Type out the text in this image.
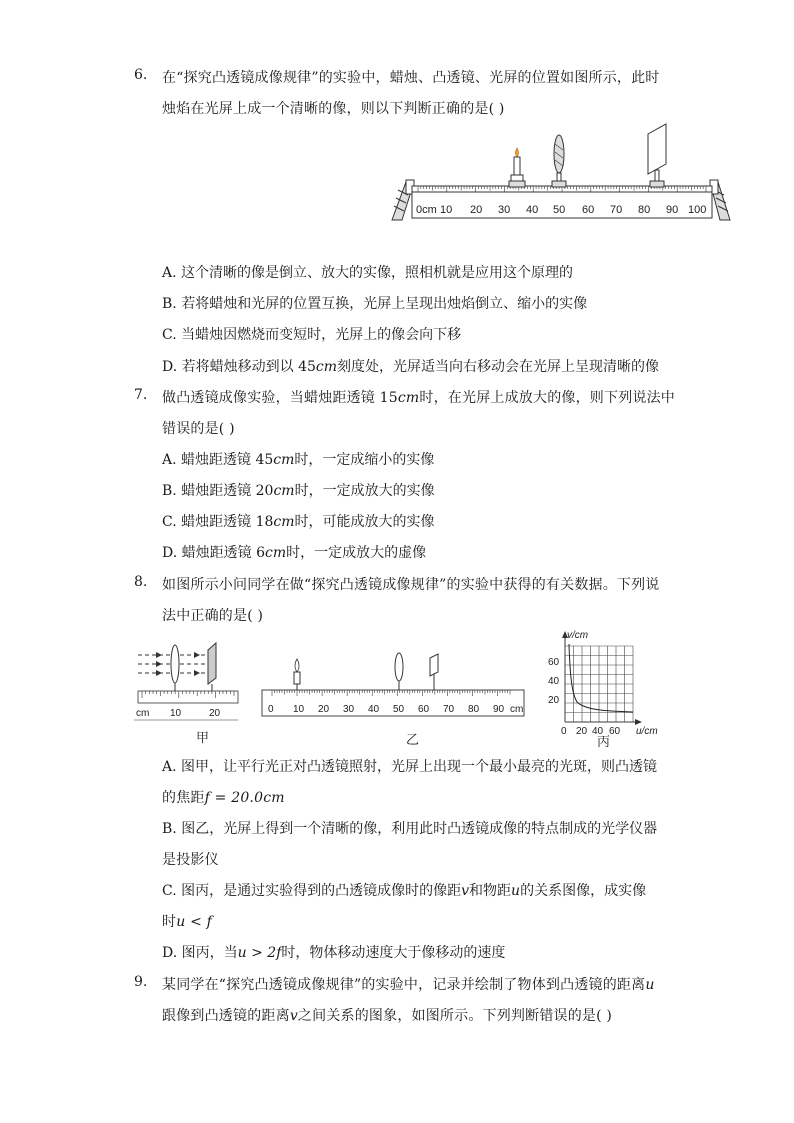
6. 在“探究凸透镜成像规律”的实验中，蜡烛、凸透镜、光屏的位置如图所示，此时
烛焰在光屏上成一个清晰的像，则以下判断正确的是( )
0cm 10 20 30 40 50 60 70 80 90 100
A. 这个清晰的像是倒立、放大的实像，照相机就是应用这个原理的
B. 若将蜡烛和光屏的位置互换，光屏上呈现出烛焰倒立、缩小的实像
C. 当蜡烛因燃烧而变短时，光屏上的像会向下移
D. 若将蜡烛移动到以 45cm刻度处，光屏适当向右移动会在光屏上呈现清晰的像
7. 做凸透镜成像实验，当蜡烛距透镜 15cm时，在光屏上成放大的像，则下列说法中
错误的是( )
A. 蜡烛距透镜 45cm时，一定成缩小的实像
B. 蜡烛距透镜 20cm时，一定成放大的实像
C. 蜡烛距透镜 18cm时，可能成放大的实像
D. 蜡烛距透镜 6cm时，一定成放大的虚像
8. 如图所示小问同学在做“探究凸透镜成像规律”的实验中获得的有关数据。下列说
法中正确的是( )
cm 10	20
甲
0 10 20 30 40 50 60 70 80 90 cm
乙
v/cm
60
40
20
0 20 40 60 u/cm
丙
A. 图甲，让平行光正对凸透镜照射，光屏上出现一个最小最亮的光斑，则凸透镜
的焦距f = 20.0cm
B. 图乙，光屏上得到一个清晰的像，利用此时凸透镜成像的特点制成的光学仪器
是投影仪
C. 图丙，是通过实验得到的凸透镜成像时的像距v和物距u的关系图像，成实像
时u < f
D. 图丙，当u > 2f时，物体移动速度大于像移动的速度
9. 某同学在“探究凸透镜成像规律”的实验中，记录并绘制了物体到凸透镜的距离u
跟像到凸透镜的距离v之间关系的图象，如图所示。下列判断错误的是( )
